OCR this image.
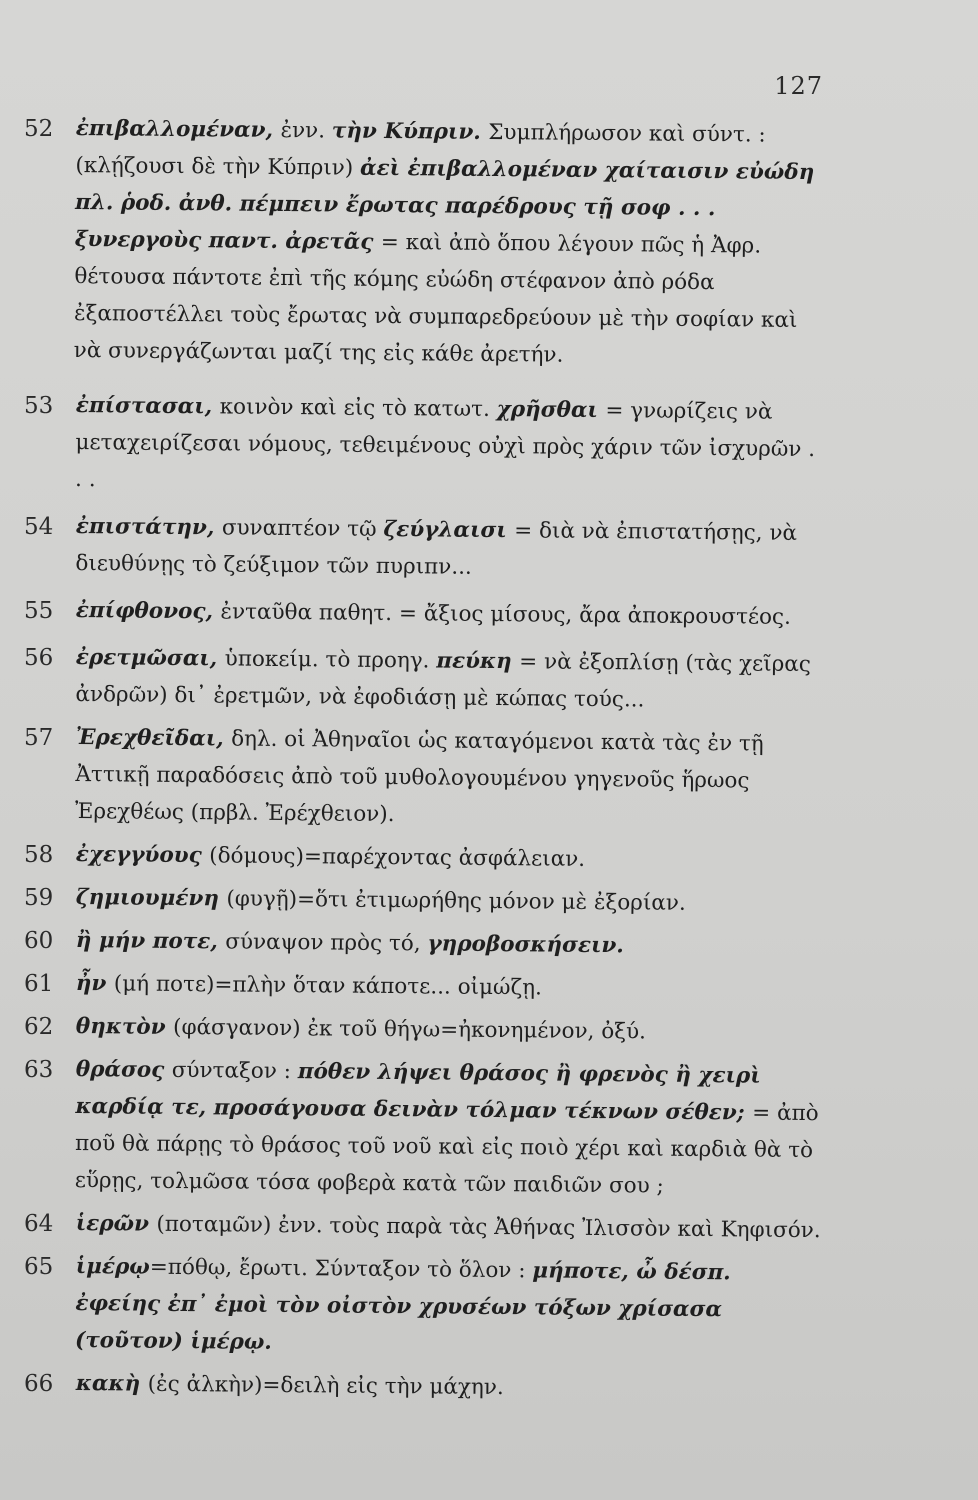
127
52	ἐπιβαλλομέναν, ἐνν. τὴν Κύπριν. Συμπλήρωσον καὶ σύντ. : (κλῄζουσι δὲ τὴν Κύπριν) ἀεὶ ἐπιβαλλομέναν χαίταισιν εὐώδη πλ. ῥοδ. ἀνθ. πέμπειν ἔρωτας παρέδρους τῇ σοφ . . . ξυνεργοὺς παντ. ἀρετᾶς = καὶ ἀπὸ ὅπου λέγουν πῶς ἡ Ἀφρ. θέτουσα πάντοτε ἐπὶ τῆς κόμης εὐώδη στέφανον ἀπὸ ρόδα ἐξαποστέλλει τοὺς ἔρωτας νὰ συμπαρεδρεύουν μὲ τὴν σοφίαν καὶ νὰ συνεργάζωνται μαζί της εἰς κάθε ἀρετήν.
53	ἐπίστασαι, κοινὸν καὶ εἰς τὸ κατωτ. χρῆσθαι = γνωρίζεις νὰ μεταχειρίζεσαι νόμους, τεθειμένους οὐχὶ πρὸς χάριν τῶν ἰσχυρῶν . . .
54	ἐπιστάτην, συναπτέον τῷ ζεύγλαισι = διὰ νὰ ἐπιστατήσῃς, νὰ διευθύνῃς τὸ ζεύξιμον τῶν πυριπν...
55	ἐπίφθονος, ἐνταῦθα παθητ. = ἄξιος μίσους, ἄρα ἀποκρουστέος.
56	ἐρετμῶσαι, ὑποκείμ. τὸ προηγ. πεύκη = νὰ ἐξοπλίσῃ (τὰς χεῖρας ἀνδρῶν) δι᾽ ἐρετμῶν, νὰ ἐφοδιάσῃ μὲ κώπας τούς...
57	Ἐρεχθεῖδαι, δηλ. οἱ Ἀθηναῖοι ὡς καταγόμενοι κατὰ τὰς ἐν τῇ Ἀττικῇ παραδόσεις ἀπὸ τοῦ μυθολογουμένου γηγενοῦς ἥρωος Ἐρεχθέως (πρβλ. Ἐρέχθειον).
58	ἐχεγγύους (δόμους)=παρέχοντας ἀσφάλειαν.
59	ζημιουμένη (φυγῇ)=ὅτι ἐτιμωρήθης μόνον μὲ ἐξορίαν.
60	ἢ μήν ποτε, σύναψον πρὸς τό, γηροβοσκήσειν.
61	ἦν (μή ποτε)=πλὴν ὅταν κάποτε... οἰμώζῃ.
62	θηκτὸν (φάσγανον) ἐκ τοῦ θήγω=ἠκονημένον, ὀξύ.
63	θράσος σύνταξον : πόθεν λήψει θράσος ἢ φρενὸς ἢ χειρὶ καρδίᾳ τε, προσάγουσα δεινὰν τόλμαν τέκνων σέθεν; = ἀπὸ ποῦ θὰ πάρῃς τὸ θράσος τοῦ νοῦ καὶ εἰς ποιὸ χέρι καὶ καρδιὰ θὰ τὸ εὕρῃς, τολμῶσα τόσα φοβερὰ κατὰ τῶν παιδιῶν σου ;
64	ἱερῶν (ποταμῶν) ἐνν. τοὺς παρὰ τὰς Ἀθήνας Ἰλισσὸν καὶ Κηφισόν.
65	ἱμέρῳ=πόθῳ, ἔρωτι. Σύνταξον τὸ ὅλον : μήποτε, ὦ δέσπ. ἐφείης ἐπ᾽ ἐμοὶ τὸν οἰστὸν χρυσέων τόξων χρίσασα (τοῦτον) ἱμέρῳ.
66	κακὴ (ἐς ἀλκὴν)=δειλὴ εἰς τὴν μάχην.
